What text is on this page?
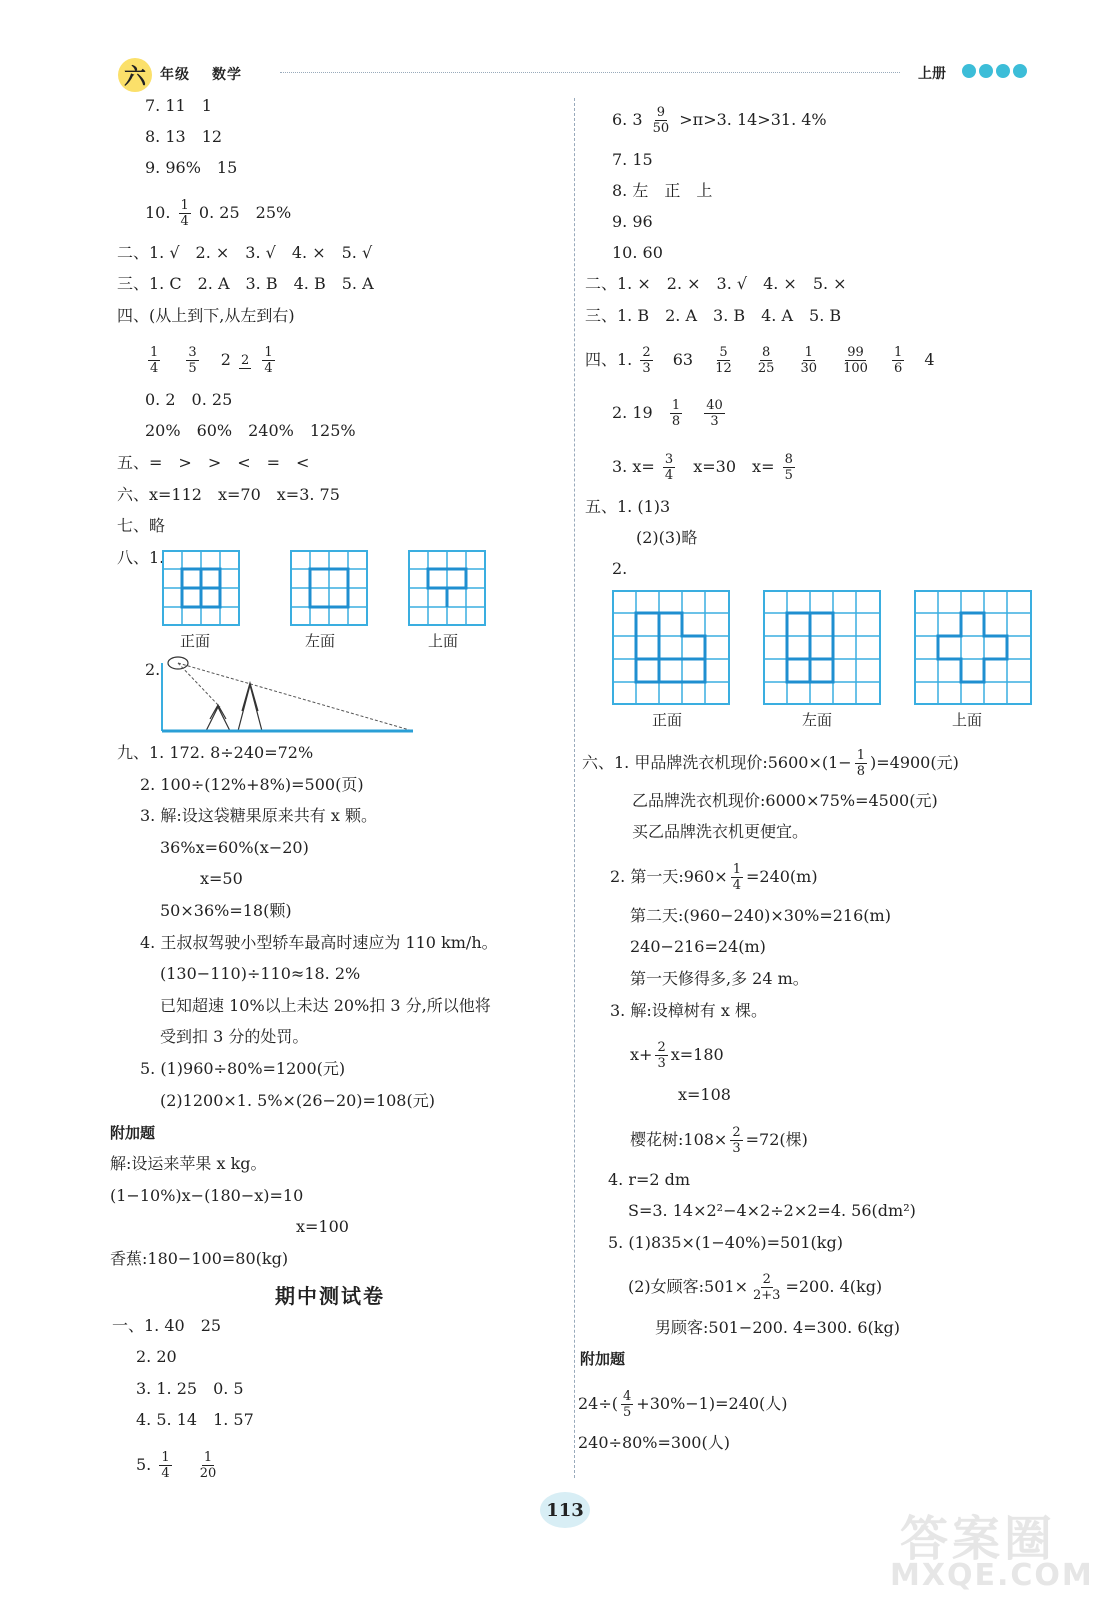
六	年级 数学	上册
7. 11　1
8. 13　12
9. 96%　15
10. $\frac{1}{4} 0$. 25　25%
二、1. √　2. ×　3. √　4. ×　5. √
三、1. C　2. A　3. B　4. B　5. A
四、(从上到下,从左到右)
$\frac{1}{4}$
$\frac{3}{5} 2$ 2
$\frac{1}{4}$
0. 2　0. 25
20%　60%　240%　125%
五、=　>　>　<　=　<
六、x=112　x=70　x=3. 75
七、略
八、1.
正面	左面	上面
2.
九、1. 172. 8÷240=72%
2. 100÷(12%+8%)=500(页)
3. 解:设这袋糖果原来共有 x 颗。
36%x=60%(x−20)
x=50
50×36%=18(颗)
4. 王叔叔驾驶小型轿车最高时速应为 110 km/h。
(130−110)÷110≈18. 2%
已知超速 10%以上未达 20%扣 3 分,所以他将
受到扣 3 分的处罚。
5. (1)960÷80%=1200(元)
(2)1200×1. 5%×(26−20)=108(元)
附加题
解:设运来苹果 x kg。
(1−10%)x−(180−x)=10
x=100
香蕉:180−100=80(kg)
期中测试卷
一、1. 40　25
2. 20
3. 1. 25　0. 5
4. 5. 14　1. 57
5. $\frac{1}{4}$
$\frac{1}{20}$
6. $3 \frac{9}{50} >\pi>3$. 14>31. 4%
7. 15
8. 左　正　上
9. 96
10. 60
二、1. ×　2. ×　3. √　4. ×　5. ×
三、1. B　2. A　3. B　4. A　5. B
四、1. $\frac{2}{3} 63 \frac{5}{12}$
$\frac{8}{25}$
$\frac{1}{30}$
$\frac{99}{100}$
$\frac{1}{6} 4$
2. $19 \frac{1}{8}$
$\frac{40}{3}$
3. $x= \frac{3}{4} x=30$　$x= \frac{8}{5}$
五、1. (1)3
(2)(3)略
2.
正面	左面	上面
六、1. 甲品牌洗衣机现价:5600×(1− $\frac{1}{8} )=4900$(元)
乙品牌洗衣机现价:6000×75%=4500(元)
买乙品牌洗衣机更便宜。
2. 第一天:960× $\frac{1}{4} =240(m)$
第二天:(960−240)×30%=216(m)
240−216=24(m)
第一天修得多,多 24 m。
3. 解:设樟树有 x 棵。
$x+ \frac{2}{3} x=180$
x=108
樱花树:108× $\frac{2}{3} =72$(棵)
4. r=2 dm
S=3. 14×2²−4×2÷2×2=4. 56(dm²)
5. (1)835×(1−40%)=501(kg)
(2)女顾客:501× $\frac{2}{2+3} =200$. 4(kg)
男顾客:501−200. 4=300. 6(kg)
附加题
$24\div( \frac{4}{5} +30\%-1)=240$(人)
240÷80%=300(人)
113
答案圈
MXQE.COM
